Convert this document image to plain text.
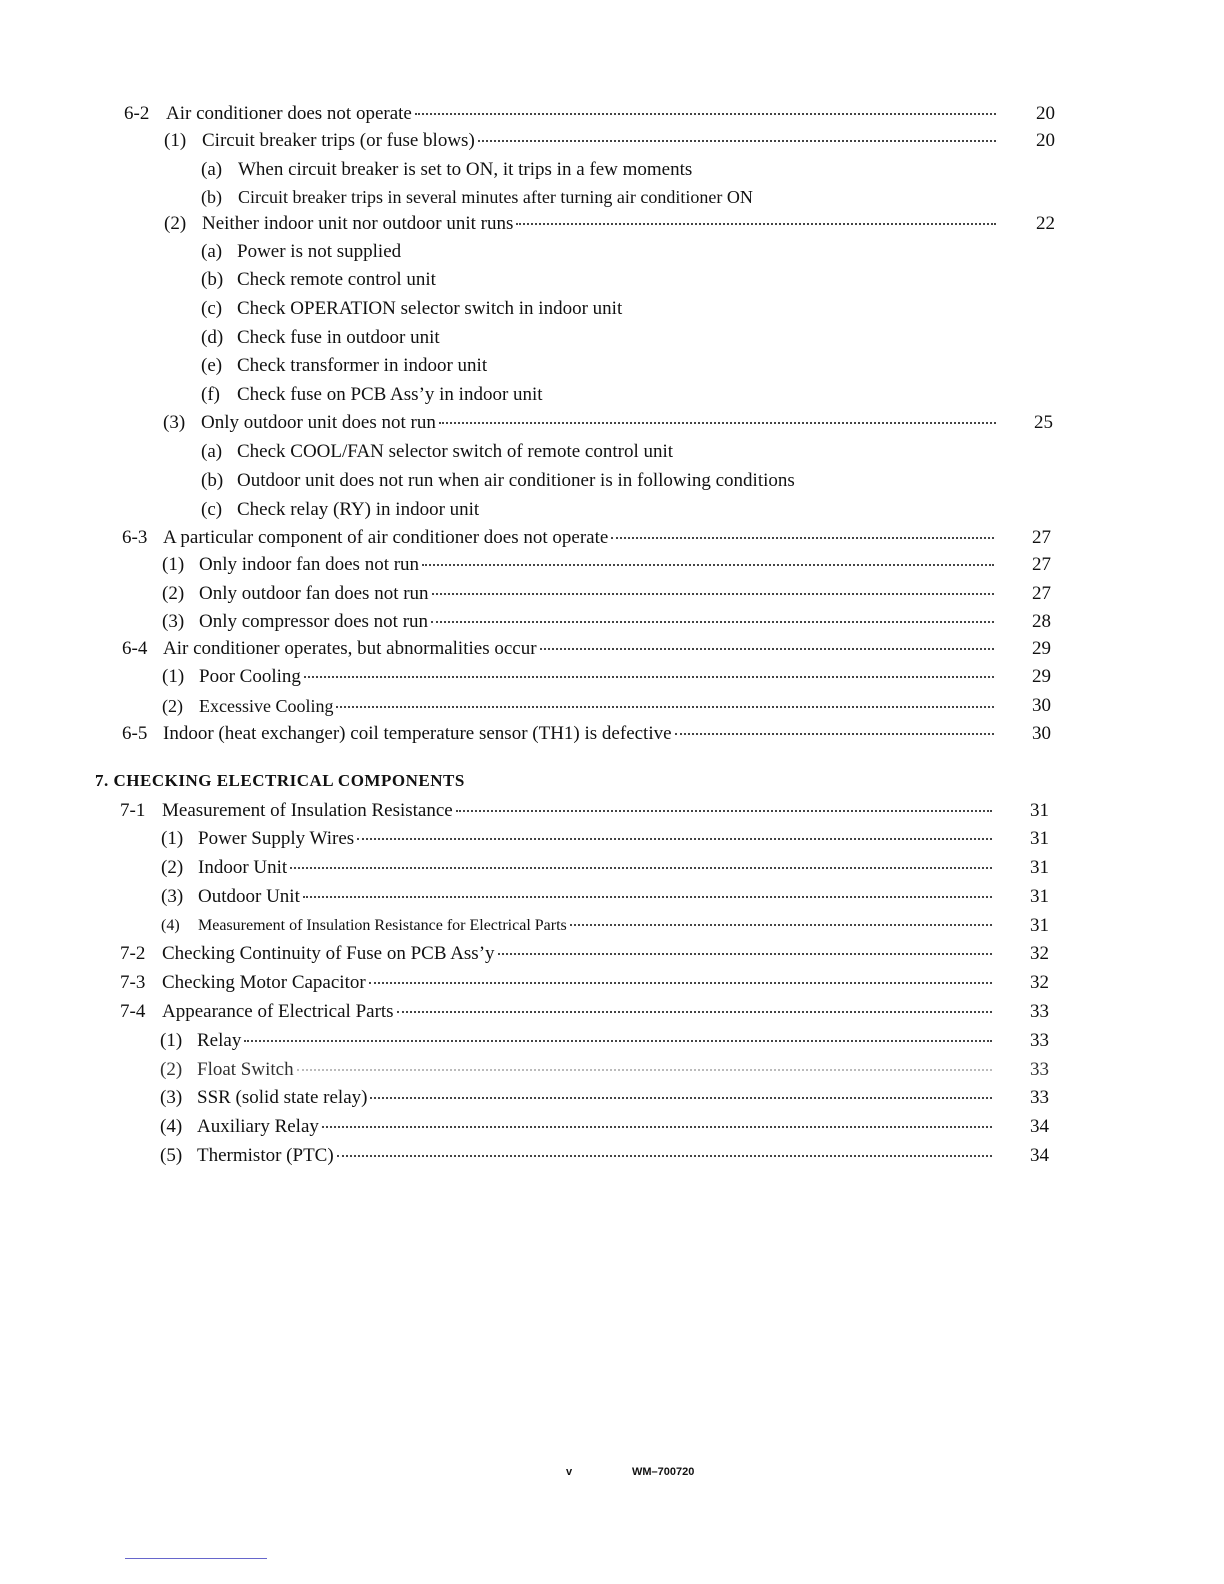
6-2 Air conditioner does not operate	20
(1) Circuit breaker trips (or fuse blows)	20
(a) When circuit breaker is set to ON, it trips in a few moments
(b) Circuit breaker trips in several minutes after turning air conditioner ON
(2) Neither indoor unit nor outdoor unit runs	22
(a) Power is not supplied
(b) Check remote control unit
(c) Check OPERATION selector switch in indoor unit
(d) Check fuse in outdoor unit
(e) Check transformer in indoor unit
(f) Check fuse on PCB Ass’y in indoor unit
(3) Only outdoor unit does not run	25
(a) Check COOL/FAN selector switch of remote control unit
(b) Outdoor unit does not run when air conditioner is in following conditions
(c) Check relay (RY) in indoor unit
6-3 A particular component of air conditioner does not operate	27
(1) Only indoor fan does not run	27
(2) Only outdoor fan does not run	27
(3) Only compressor does not run	28
6-4 Air conditioner operates, but abnormalities occur	29
(1) Poor Cooling	29
(2) Excessive Cooling	30
6-5 Indoor (heat exchanger) coil temperature sensor (TH1) is defective	30
7. CHECKING ELECTRICAL COMPONENTS
7-1 Measurement of Insulation Resistance	31
(1) Power Supply Wires	31
(2) Indoor Unit	31
(3) Outdoor Unit	31
(4)	Measurement of Insulation Resistance for Electrical Parts	31
7-2 Checking Continuity of Fuse on PCB Ass’y	32
7-3 Checking Motor Capacitor	32
7-4 Appearance of Electrical Parts	33
(1) Relay	33
(2) Float Switch	33
(3) SSR (solid state relay)	33
(4) Auxiliary Relay	34
(5) Thermistor (PTC)	34
v	WM–700720
